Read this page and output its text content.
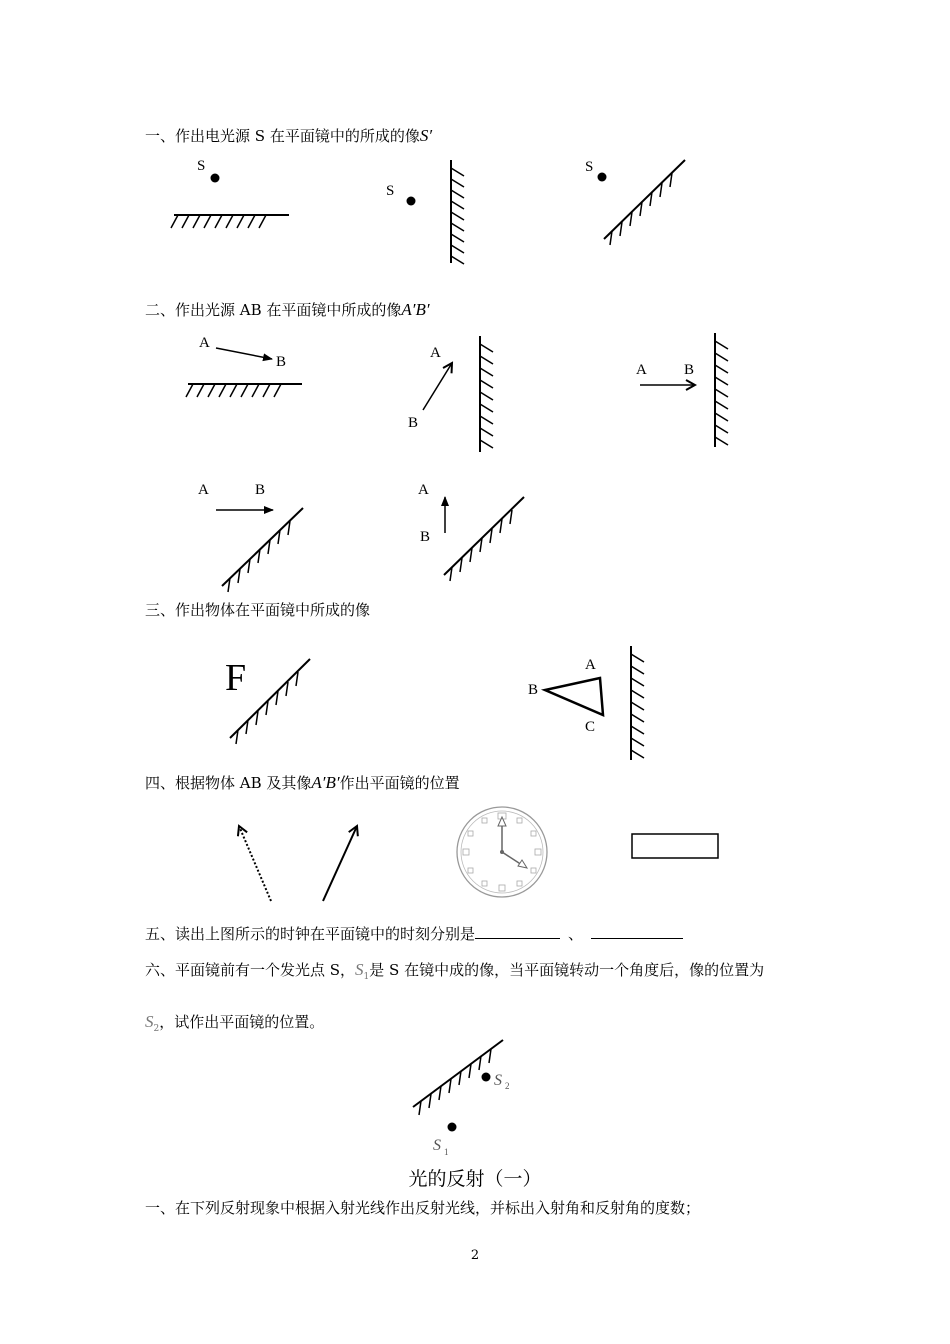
一、作出电光源 S 在平面镜中的所成的像S′
二、作出光源 AB 在平面镜中所成的像A′B′
三、作出物体在平面镜中所成的像
四、根据物体 AB 及其像A′B′作出平面镜的位置
五、读出上图所示的时钟在平面镜中的时刻分别是	、
六、平面镜前有一个发光点 S，$S_1$是 S 在镜中成的像，当平面镜转动一个角度后，像的位置为
$S_2$，试作出平面镜的位置。
光的反射（一）
一、在下列反射现象中根据入射光线作出反射光线，并标出入射角和反射角的度数；
2
S
S
S
A
B
A
B
A B
A	B	A
B
F	A
B
C
S 2
S 1
